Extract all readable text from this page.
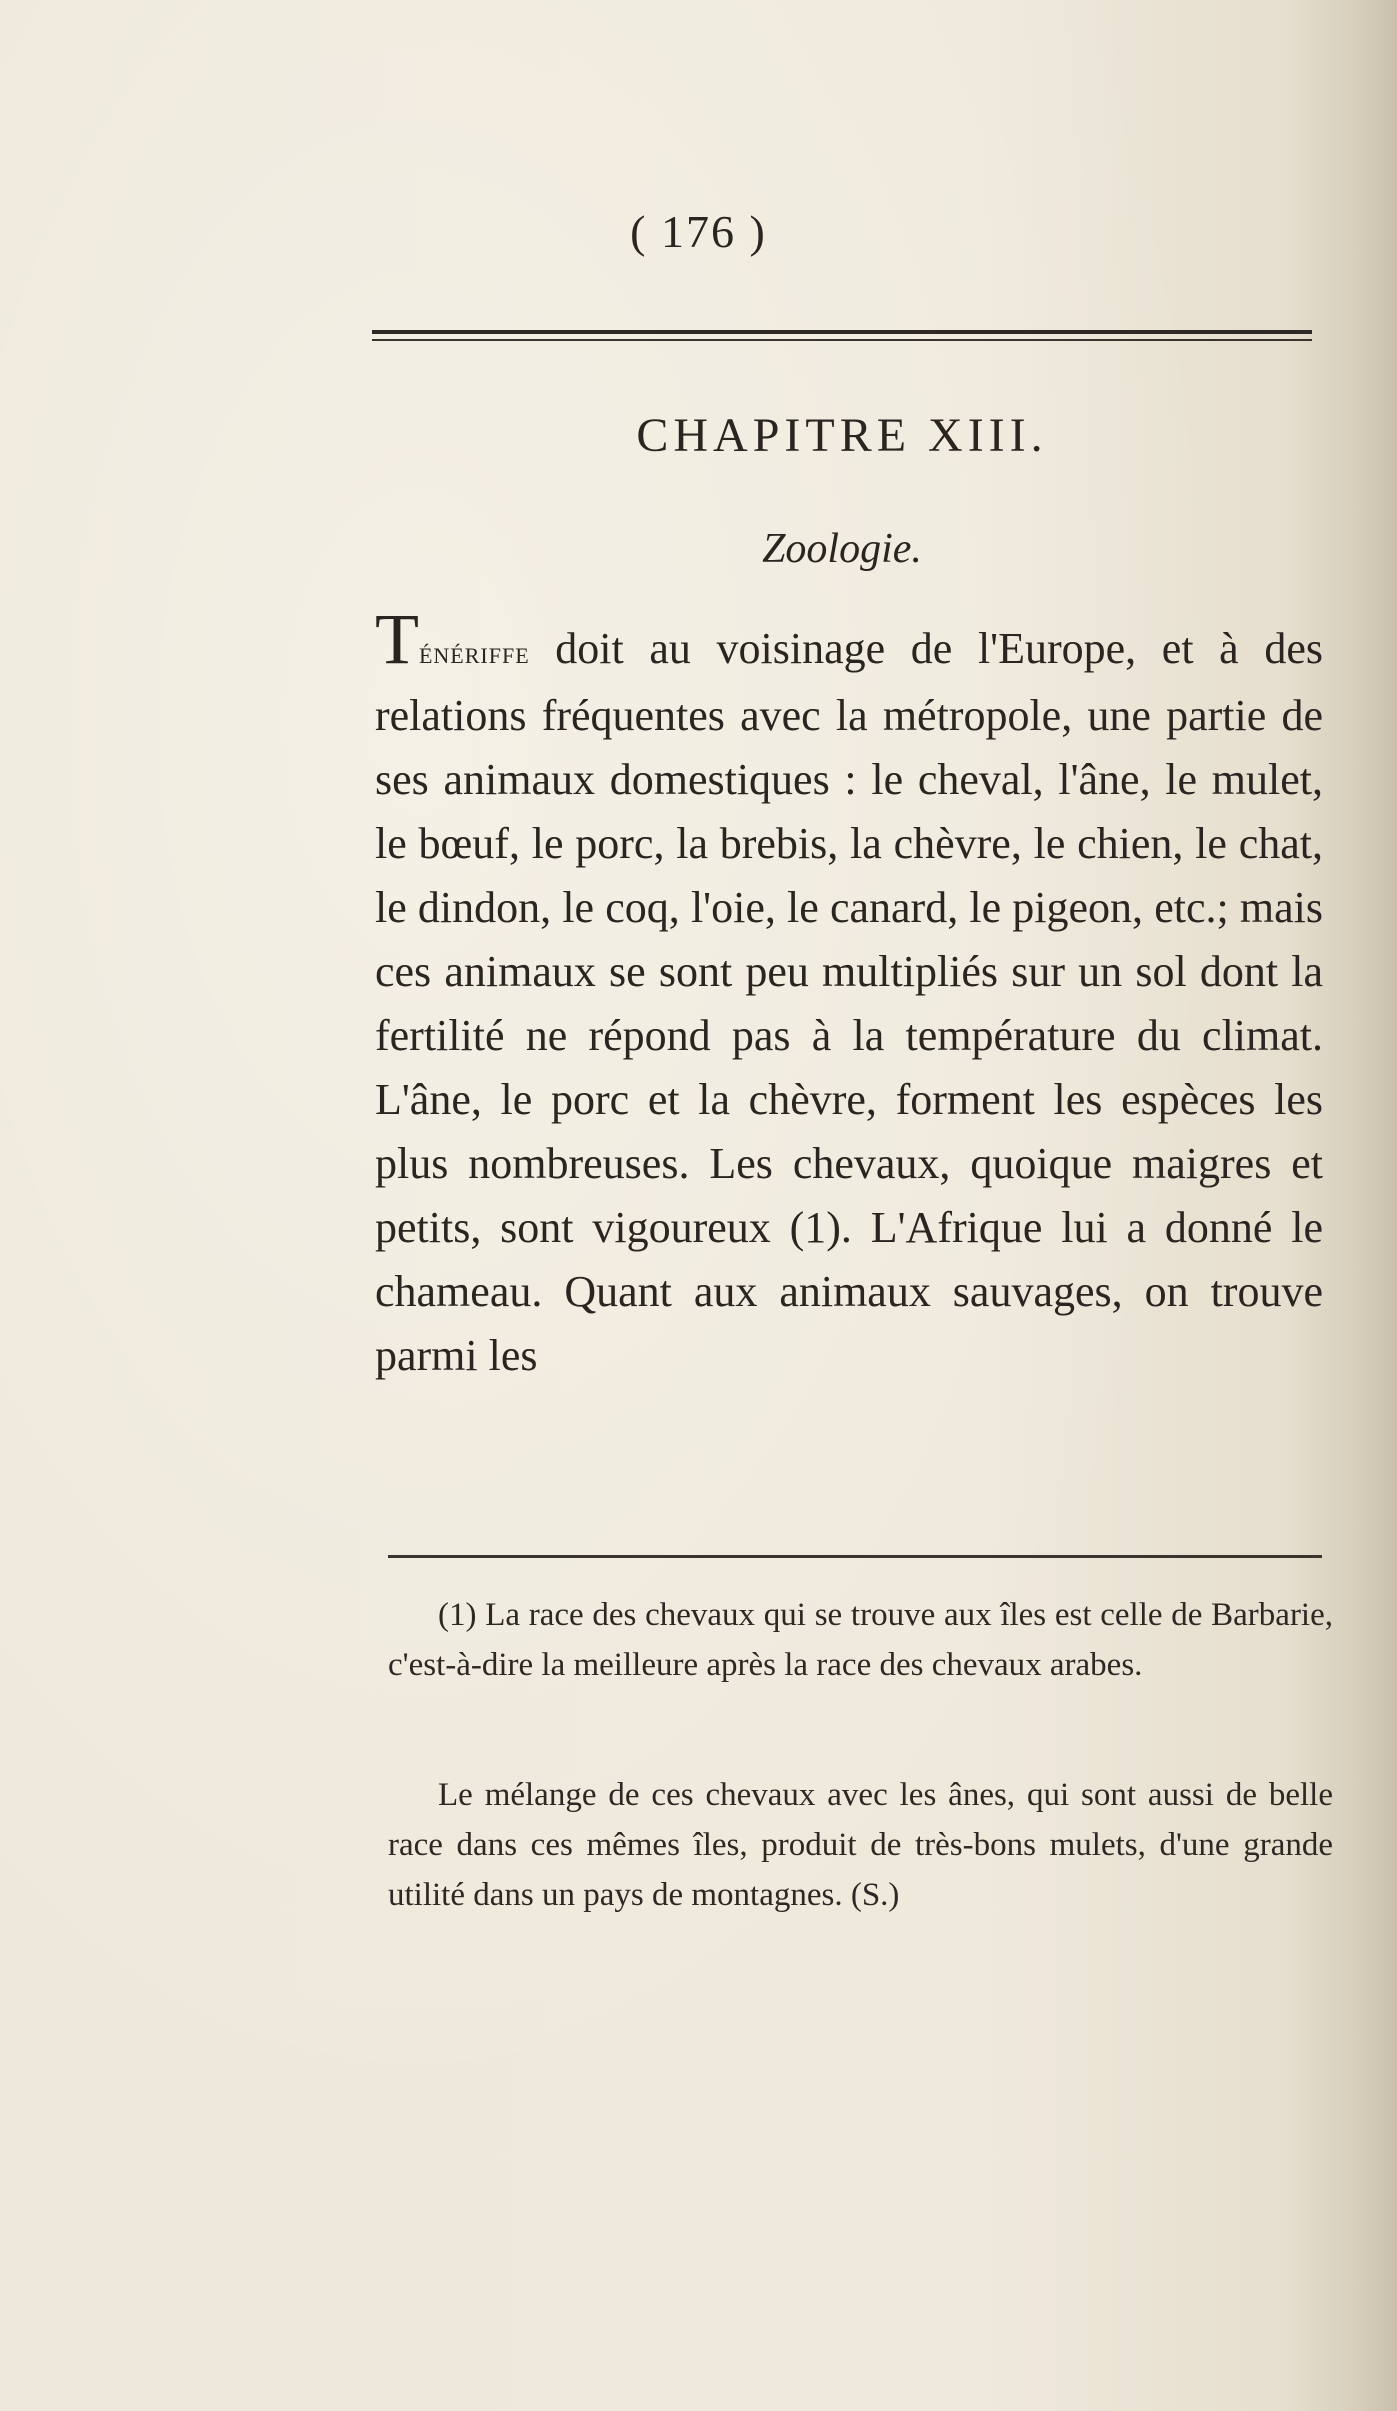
( 176 )
CHAPITRE XIII.
Zoologie.
Ténériffe doit au voisinage de l'Europe, et à des relations fréquentes avec la métropole, une partie de ses animaux domestiques : le cheval, l'âne, le mulet, le bœuf, le porc, la brebis, la chèvre, le chien, le chat, le dindon, le coq, l'oie, le canard, le pigeon, etc.; mais ces animaux se sont peu multipliés sur un sol dont la fertilité ne répond pas à la température du climat. L'âne, le porc et la chèvre, forment les espèces les plus nombreuses. Les chevaux, quoique maigres et petits, sont vigoureux (1). L'Afrique lui a donné le chameau. Quant aux animaux sauvages, on trouve parmi les
(1) La race des chevaux qui se trouve aux îles est celle de Barbarie, c'est-à-dire la meilleure après la race des chevaux arabes.
Le mélange de ces chevaux avec les ânes, qui sont aussi de belle race dans ces mêmes îles, produit de très-bons mulets, d'une grande utilité dans un pays de montagnes. (S.)
